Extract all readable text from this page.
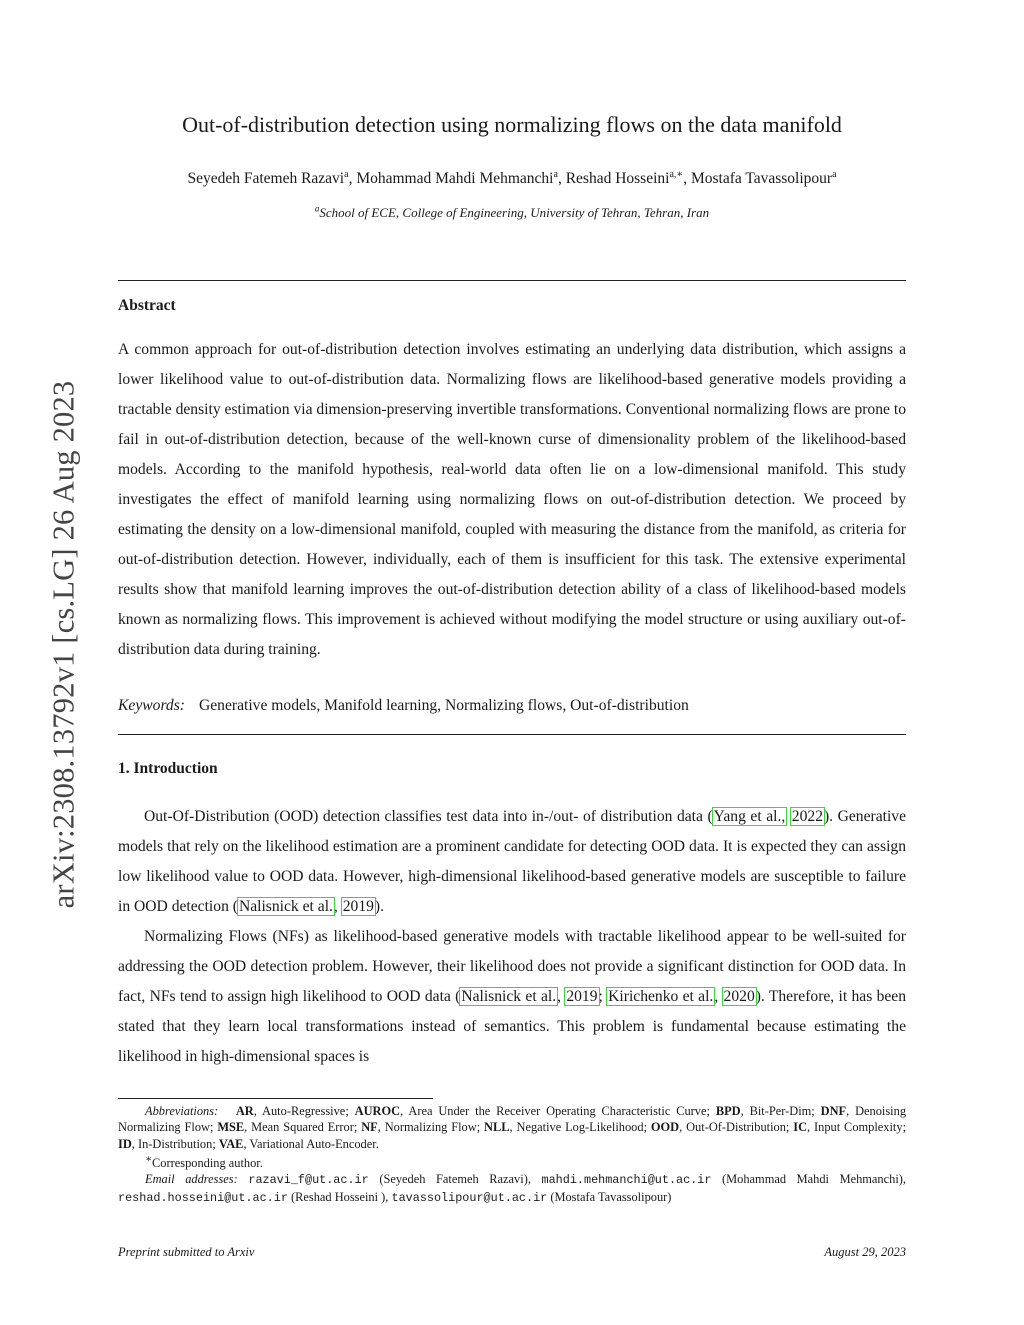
arXiv:2308.13792v1 [cs.LG] 26 Aug 2023
Out-of-distribution detection using normalizing flows on the data manifold
Seyedeh Fatemeh Razavi$^a$, Mohammad Mahdi Mehmanchi$^a$, Reshad Hosseini$^{a,∗}$, Mostafa Tavassolipour$^a$
$^a$School of ECE, College of Engineering, University of Tehran, Tehran, Iran
Abstract
A common approach for out-of-distribution detection involves estimating an underlying data distribution, which assigns a lower likelihood value to out-of-distribution data. Normalizing flows are likelihood-based generative models providing a tractable density estimation via dimension-preserving invertible transformations. Conventional normalizing flows are prone to fail in out-of-distribution detection, because of the well-known curse of dimensionality problem of the likelihood-based models. According to the manifold hypothesis, real-world data often lie on a low-dimensional manifold. This study investigates the effect of manifold learning using normalizing flows on out-of-distribution detection. We proceed by estimating the density on a low-dimensional manifold, coupled with measuring the distance from the manifold, as criteria for out-of-distribution detection. However, individually, each of them is insufficient for this task. The extensive experimental results show that manifold learning improves the out-of-distribution detection ability of a class of likelihood-based models known as normalizing flows. This improvement is achieved without modifying the model structure or using auxiliary out-of-distribution data during training.
Keywords: Generative models, Manifold learning, Normalizing flows, Out-of-distribution
1. Introduction

Out-Of-Distribution (OOD) detection classifies test data into in-/out- of distribution data (Yang et al., 2022). Generative models that rely on the likelihood estimation are a prominent candidate for detecting OOD data. It is expected they can assign low likelihood value to OOD data. However, high-dimensional likelihood-based generative models are susceptible to failure in OOD detection (Nalisnick et al., 2019).

Normalizing Flows (NFs) as likelihood-based generative models with tractable likelihood appear to be well-suited for addressing the OOD detection problem. However, their likelihood does not provide a significant distinction for OOD data. In fact, NFs tend to assign high likelihood to OOD data (Nalisnick et al., 2019; Kirichenko et al., 2020). Therefore, it has been stated that they learn local transformations instead of semantics. This problem is fundamental because estimating the likelihood in high-dimensional spaces is

Abbreviations: AR, Auto-Regressive; AUROC, Area Under the Receiver Operating Characteristic Curve; BPD, Bit-Per-Dim; DNF, Denoising Normalizing Flow; MSE, Mean Squared Error; NF, Normalizing Flow; NLL, Negative Log-Likelihood; OOD, Out-Of-Distribution; IC, Input Complexity; ID, In-Distribution; VAE, Variational Auto-Encoder.
∗Corresponding author.
Email addresses: razavi_f@ut.ac.ir (Seyedeh Fatemeh Razavi), mahdi.mehmanchi@ut.ac.ir (Mohammad Mahdi Mehmanchi), reshad.hosseini@ut.ac.ir (Reshad Hosseini ), tavassolipour@ut.ac.ir (Mostafa Tavassolipour)
Preprint submitted to Arxiv	August 29, 2023
